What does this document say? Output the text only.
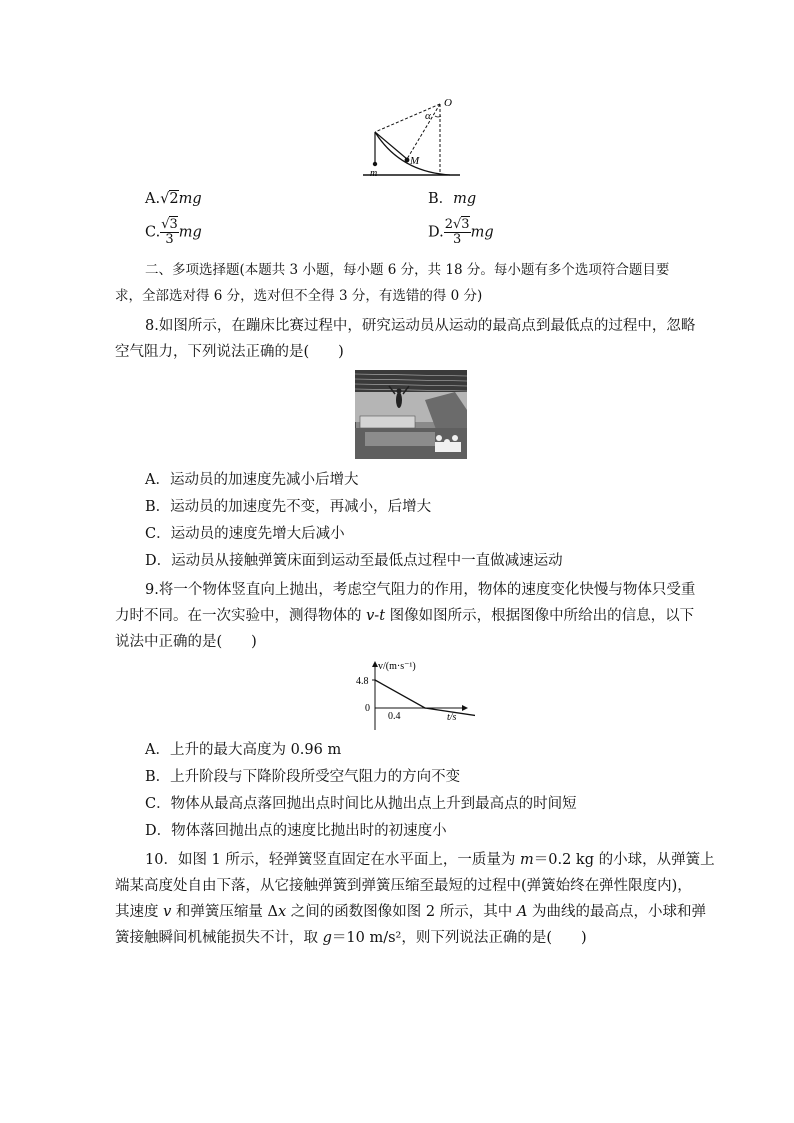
O
α
M
m
A.√2mg	B．mg
C. $\frac{√3}{3}$ mg	D. $\frac{2√3}{3}$ mg
二、多项选择题(本题共 3 小题，每小题 6 分，共 18 分。每小题有多个选项符合题目要
求，全部选对得 6 分，选对但不全得 3 分，有选错的得 0 分)
8.如图所示，在蹦床比赛过程中，研究运动员从运动的最高点到最低点的过程中，忽略
空气阻力，下列说法正确的是(　　)
A．运动员的加速度先减小后增大
B．运动员的加速度先不变，再减小，后增大
C．运动员的速度先增大后减小
D．运动员从接触弹簧床面到运动至最低点过程中一直做减速运动
9.将一个物体竖直向上抛出，考虑空气阻力的作用，物体的速度变化快慢与物体只受重
力时不同。在一次实验中，测得物体的 v-t 图像如图所示，根据图像中所给出的信息，以下
说法中正确的是(　　)
v/(m·s⁻¹)
t/s
4.8
0
0.4
A．上升的最大高度为 0.96 m
B．上升阶段与下降阶段所受空气阻力的方向不变
C．物体从最高点落回抛出点时间比从抛出点上升到最高点的时间短
D．物体落回抛出点的速度比抛出时的初速度小
10．如图 1 所示，轻弹簧竖直固定在水平面上，一质量为 m＝0.2 kg 的小球，从弹簧上
端某高度处自由下落，从它接触弹簧到弹簧压缩至最短的过程中(弹簧始终在弹性限度内)，
其速度 v 和弹簧压缩量 Δx 之间的函数图像如图 2 所示，其中 A 为曲线的最高点，小球和弹
簧接触瞬间机械能损失不计，取 g＝10 m/s²，则下列说法正确的是(　　)
